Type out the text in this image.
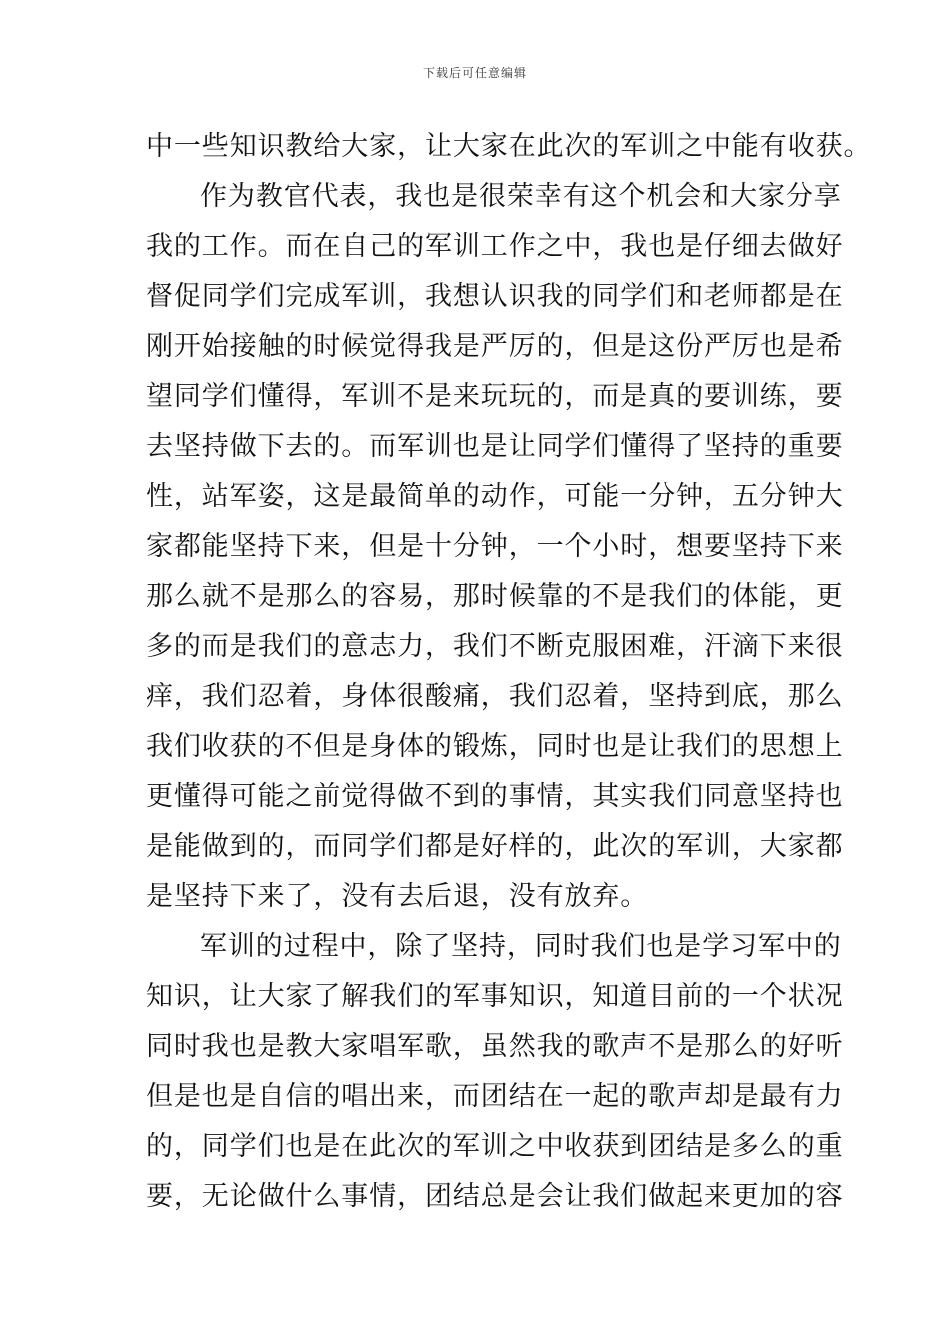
下载后可任意编辑
中一些知识教给大家，让大家在此次的军训之中能有收获。
作为教官代表，我也是很荣幸有这个机会和大家分享
我的工作。而在自己的军训工作之中，我也是仔细去做好
督促同学们完成军训，我想认识我的同学们和老师都是在
刚开始接触的时候觉得我是严厉的，但是这份严厉也是希
望同学们懂得，军训不是来玩玩的，而是真的要训练，要
去坚持做下去的。而军训也是让同学们懂得了坚持的重要
性，站军姿，这是最简单的动作，可能一分钟，五分钟大
家都能坚持下来，但是十分钟，一个小时，想要坚持下来
那么就不是那么的容易，那时候靠的不是我们的体能，更
多的而是我们的意志力，我们不断克服困难，汗滴下来很
痒，我们忍着，身体很酸痛，我们忍着，坚持到底，那么
我们收获的不但是身体的锻炼，同时也是让我们的思想上
更懂得可能之前觉得做不到的事情，其实我们同意坚持也
是能做到的，而同学们都是好样的，此次的军训，大家都
是坚持下来了，没有去后退，没有放弃。
军训的过程中，除了坚持，同时我们也是学习军中的
知识，让大家了解我们的军事知识，知道目前的一个状况
同时我也是教大家唱军歌，虽然我的歌声不是那么的好听
但是也是自信的唱出来，而团结在一起的歌声却是最有力
的，同学们也是在此次的军训之中收获到团结是多么的重
要，无论做什么事情，团结总是会让我们做起来更加的容
